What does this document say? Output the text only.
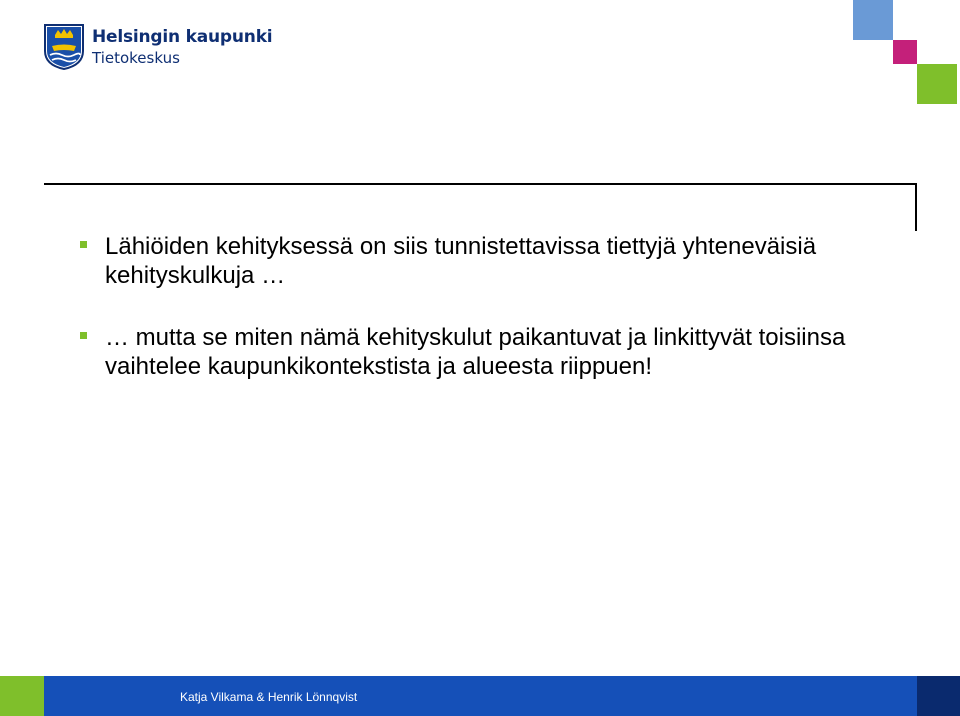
Helsingin kaupunki
Tietokeskus
Lähiöiden kehityksessä on siis tunnistettavissa tiettyjä yhteneväisiä kehityskulkuja …
… mutta se miten nämä kehityskulut paikantuvat ja linkittyvät toisiinsa vaihtelee kaupunkikontekstista ja alueesta riippuen!
Katja Vilkama & Henrik Lönnqvist
